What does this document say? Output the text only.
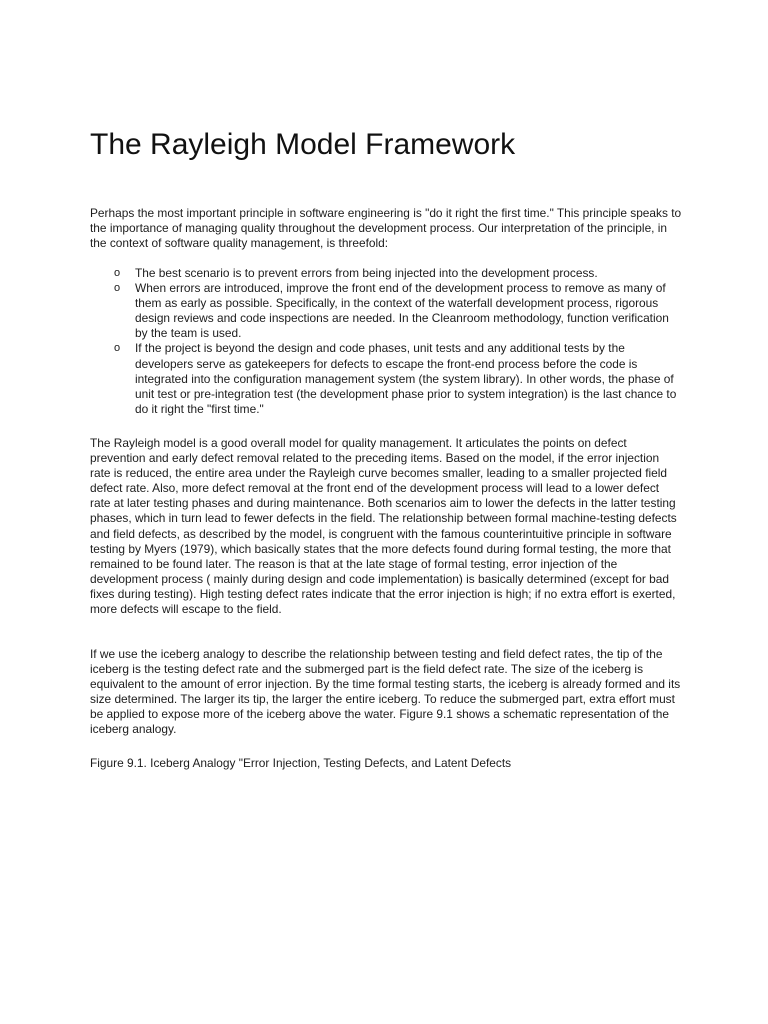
The Rayleigh Model Framework

Perhaps the most important principle in software engineering is "do it right the first time." This principle speaks to the importance of managing quality throughout the development process. Our interpretation of the principle, in the context of software quality management, is threefold:

o The best scenario is to prevent errors from being injected into the development process.
o When errors are introduced, improve the front end of the development process to remove as many of them as early as possible. Specifically, in the context of the waterfall development process, rigorous design reviews and code inspections are needed. In the Cleanroom methodology, function verification by the team is used.
o If the project is beyond the design and code phases, unit tests and any additional tests by the developers serve as gatekeepers for defects to escape the front-end process before the code is integrated into the configuration management system (the system library). In other words, the phase of unit test or pre-integration test (the development phase prior to system integration) is the last chance to do it right the "first time."

The Rayleigh model is a good overall model for quality management. It articulates the points on defect prevention and early defect removal related to the preceding items. Based on the model, if the error injection rate is reduced, the entire area under the Rayleigh curve becomes smaller, leading to a smaller projected field defect rate. Also, more defect removal at the front end of the development process will lead to a lower defect rate at later testing phases and during maintenance. Both scenarios aim to lower the defects in the latter testing phases, which in turn lead to fewer defects in the field. The relationship between formal machine-testing defects and field defects, as described by the model, is congruent with the famous counterintuitive principle in software testing by Myers (1979), which basically states that the more defects found during formal testing, the more that remained to be found later. The reason is that at the late stage of formal testing, error injection of the development process ( mainly during design and code implementation) is basically determined (except for bad fixes during testing). High testing defect rates indicate that the error injection is high; if no extra effort is exerted, more defects will escape to the field.

If we use the iceberg analogy to describe the relationship between testing and field defect rates, the tip of the iceberg is the testing defect rate and the submerged part is the field defect rate. The size of the iceberg is equivalent to the amount of error injection. By the time formal testing starts, the iceberg is already formed and its size determined. The larger its tip, the larger the entire iceberg. To reduce the submerged part, extra effort must be applied to expose more of the iceberg above the water. Figure 9.1 shows a schematic representation of the iceberg analogy.

Figure 9.1. Iceberg Analogy "Error Injection, Testing Defects, and Latent Defects
